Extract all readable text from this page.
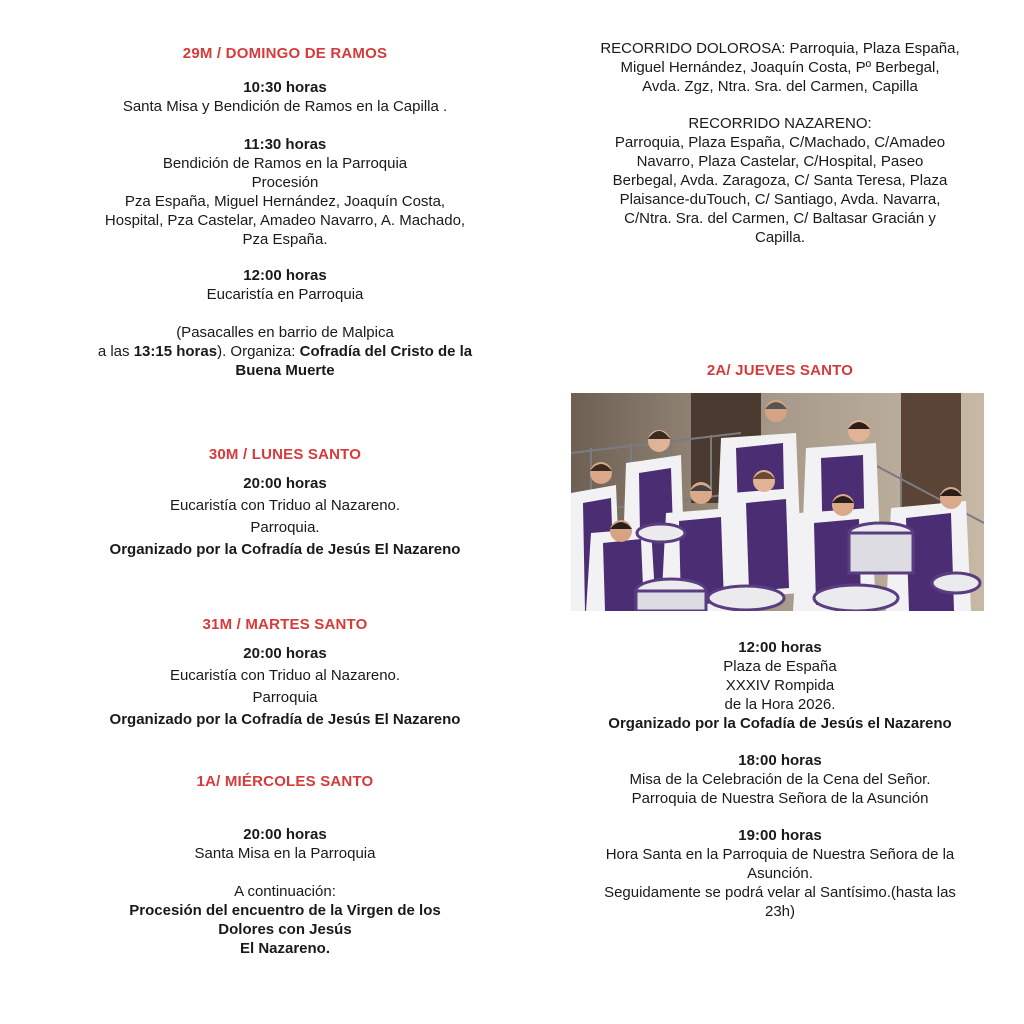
29M / DOMINGO DE RAMOS
10:30 horas
Santa Misa y Bendición de Ramos en la Capilla .
11:30 horas
Bendición de Ramos en la Parroquia
Procesión
Pza España, Miguel Hernández, Joaquín Costa,
Hospital, Pza Castelar, Amadeo Navarro, A. Machado,
Pza España.
12:00 horas
Eucaristía en Parroquia
(Pasacalles en barrio de Malpica
a las 13:15 horas). Organiza: Cofradía del Cristo de la
Buena Muerte
30M / LUNES SANTO
20:00 horas
Eucaristía con Triduo al Nazareno.
Parroquia.
Organizado por la Cofradía de Jesús El Nazareno
31M / MARTES SANTO
20:00 horas
Eucaristía con Triduo al Nazareno.
Parroquia
Organizado por la Cofradía de Jesús El Nazareno
1A/ MIÉRCOLES SANTO
20:00 horas
Santa Misa en la Parroquia
A continuación:
Procesión del encuentro de la Virgen de los
Dolores con Jesús
El Nazareno.
RECORRIDO DOLOROSA: Parroquia, Plaza España,
Miguel Hernández, Joaquín Costa, Pº Berbegal,
Avda. Zgz, Ntra. Sra. del Carmen, Capilla
RECORRIDO NAZARENO:
Parroquia, Plaza España, C/Machado, C/Amadeo
Navarro, Plaza Castelar, C/Hospital, Paseo
Berbegal, Avda. Zaragoza, C/ Santa Teresa, Plaza
Plaisance-duTouch, C/ Santiago, Avda. Navarra,
C/Ntra. Sra. del Carmen, C/ Baltasar Gracián y
Capilla.
2A/ JUEVES SANTO
12:00 horas
Plaza de España
XXXIV Rompida
de la Hora 2026.
Organizado por la Cofadía de Jesús el Nazareno
18:00 horas
Misa de la Celebración de la Cena del Señor.
Parroquia de Nuestra Señora de la Asunción
19:00 horas
Hora Santa en la Parroquia de Nuestra Señora de la
Asunción.
Seguidamente se podrá velar al Santísimo.(hasta las
23h)
